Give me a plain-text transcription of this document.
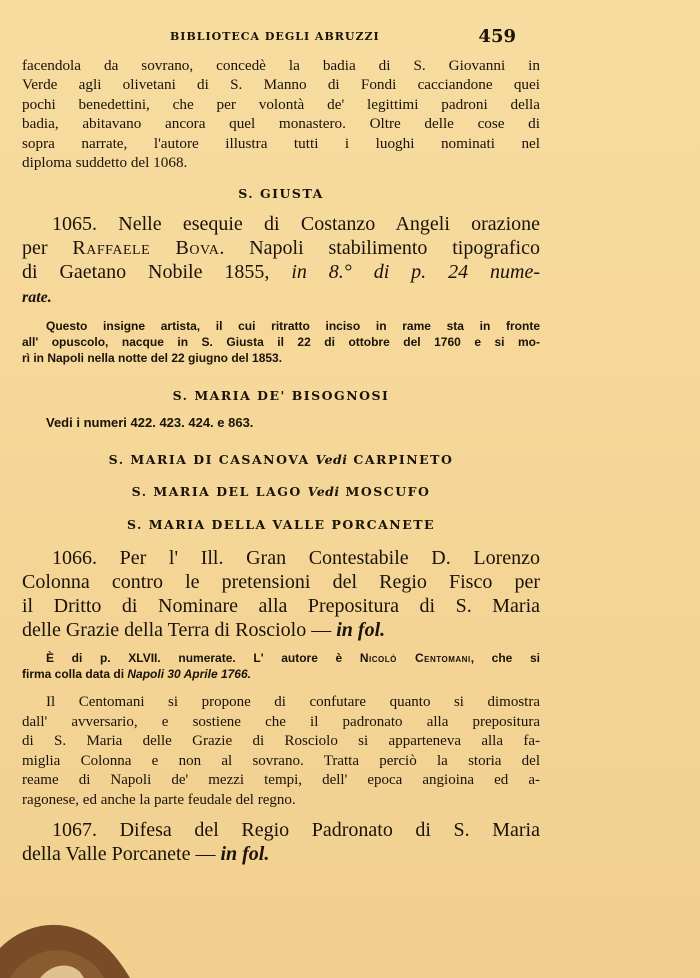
BIBLIOTECA DEGLI ABRUZZI	459
facendola da sovrano, concedè la badia di S. Giovanni in
Verde agli olivetani di S. Manno di Fondi cacciandone quei
pochi benedettini, che per volontà de' legittimi padroni della
badia, abitavano ancora quel monastero. Oltre delle cose di
sopra narrate, l'autore illustra tutti i luoghi nominati nel
diploma suddetto del 1068.
S. GIUSTA
1065. Nelle esequie di Costanzo Angeli orazione
per Raffaele Bova. Napoli stabilimento tipografico
di Gaetano Nobile 1855, in 8.° di p. 24 nume-
rate.
Questo insigne artista, il cui ritratto inciso in rame sta in fronte
all' opuscolo, nacque in S. Giusta il 22 di ottobre del 1760 e si mo-
rì in Napoli nella notte del 22 giugno del 1853.
S. MARIA DE' BISOGNOSI
Vedi i numeri 422. 423. 424. e 863.
S. MARIA DI CASANOVA Vedi CARPINETO
S. MARIA DEL LAGO Vedi MOSCUFO
S. MARIA DELLA VALLE PORCANETE
1066. Per l' Ill. Gran Contestabile D. Lorenzo
Colonna contro le pretensioni del Regio Fisco per
il Dritto di Nominare alla Prepositura di S. Maria
delle Grazie della Terra di Rosciolo — in fol.
È di p. XLVII. numerate. L' autore è Nicolò Centomani, che si
firma colla data di Napoli 30 Aprile 1766.
Il Centomani si propone di confutare quanto si dimostra
dall' avversario, e sostiene che il padronato alla prepositura
di S. Maria delle Grazie di Rosciolo si apparteneva alla fa-
miglia Colonna e non al sovrano. Tratta perciò la storia del
reame di Napoli de' mezzi tempi, dell' epoca angioina ed a-
ragonese, ed anche la parte feudale del regno.
1067. Difesa del Regio Padronato di S. Maria
della Valle Porcanete — in fol.
